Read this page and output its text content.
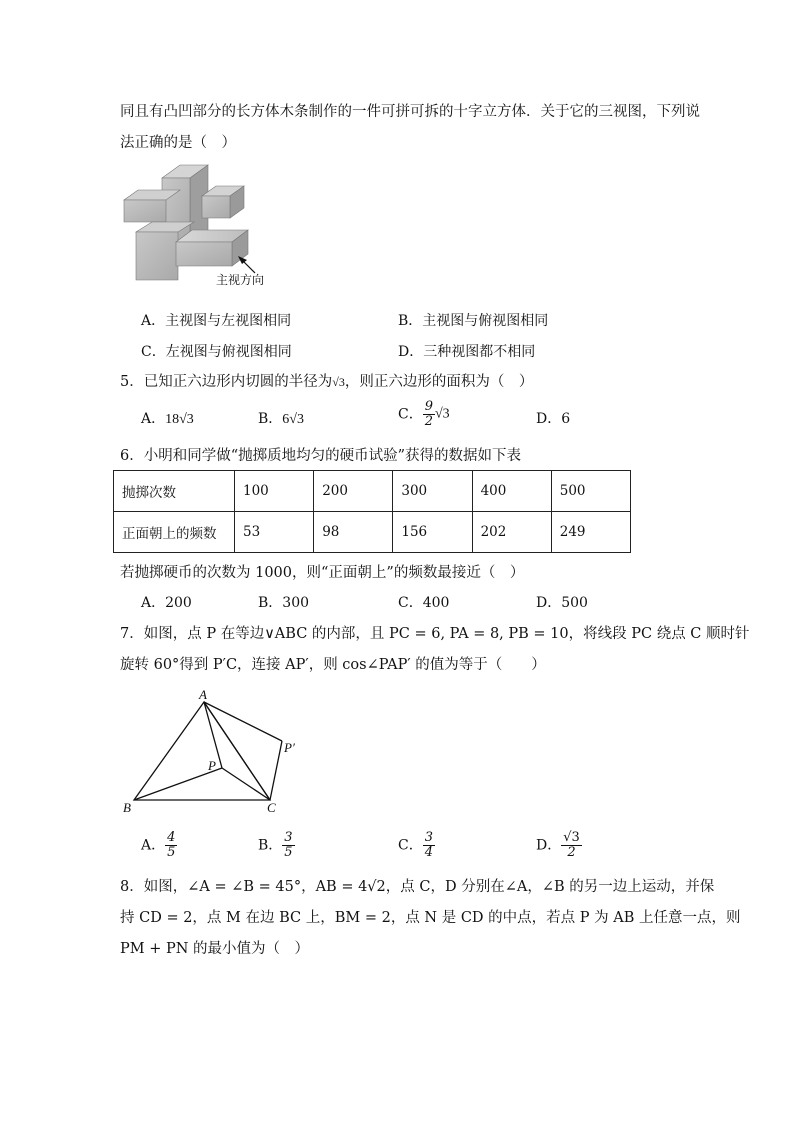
同且有凸凹部分的长方体木条制作的一件可拼可拆的十字立方体．关于它的三视图，下列说
法正确的是（　）
主视方向
A．主视图与左视图相同	B．主视图与俯视图相同
C．左视图与俯视图相同	D．三种视图都不相同
5．已知正六边形内切圆的半径为√3，则正六边形的面积为（　）
A．18√3	B．6√3	C． $\frac{9}{2} √3$	D．6
6．小明和同学做“抛掷质地均匀的硬币试验”获得的数据如下表
抛掷次数	100	200	300	400	500
正面朝上的频数	53	98	156	202	249
若抛掷硬币的次数为 1000，则“正面朝上”的频数最接近（　）
A．200	B．300	C．400	D．500
7．如图，点 P 在等边∨ABC 的内部，且 PC = 6, PA = 8, PB = 10，将线段 PC 绕点 C 顺时针
旋转 60°得到 P′C，连接 AP′，则 cos∠PAP′ 的值为等于（　　）
A
B	C
P
P′
A． $\frac{4}{5}$	B． $\frac{3}{5}$	C． $\frac{3}{4}$	D． $\frac{√3}{2}$
8．如图，∠A = ∠B = 45°，AB = 4√2，点 C，D 分别在∠A，∠B 的另一边上运动，并保
持 CD = 2，点 M 在边 BC 上，BM = 2，点 N 是 CD 的中点，若点 P 为 AB 上任意一点，则
PM + PN 的最小值为（　）
